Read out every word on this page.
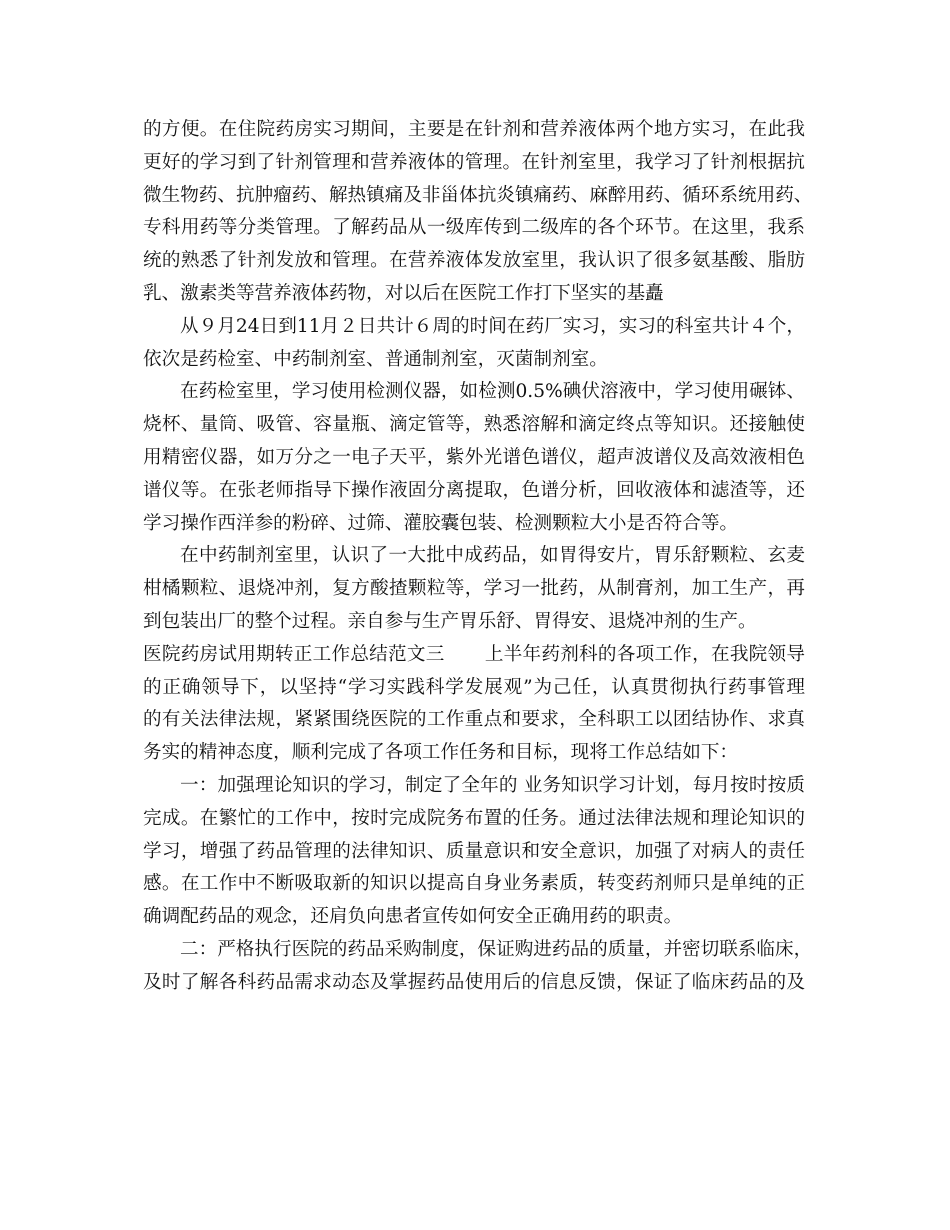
的方便。在住院药房实习期间，主要是在针剂和营养液体两个地方实习，在此我
更好的学习到了针剂管理和营养液体的管理。在针剂室里，我学习了针剂根据抗
微生物药、抗肿瘤药、解热镇痛及非甾体抗炎镇痛药、麻醉用药、循环系统用药、
专科用药等分类管理。了解药品从一级库传到二级库的各个环节。在这里，我系
统的熟悉了针剂发放和管理。在营养液体发放室里，我认识了很多氨基酸、脂肪
乳、激素类等营养液体药物，对以后在医院工作打下坚实的基矗
从９月24日到11月２日共计６周的时间在药厂实习，实习的科室共计４个，
依次是药检室、中药制剂室、普通制剂室，灭菌制剂室。
在药检室里，学习使用检测仪器，如检测0.5%碘伏溶液中，学习使用碾钵、
烧杯、量筒、吸管、容量瓶、滴定管等，熟悉溶解和滴定终点等知识。还接触使
用精密仪器，如万分之一电子天平，紫外光谱色谱仪，超声波谱仪及高效液相色
谱仪等。在张老师指导下操作液固分离提取，色谱分析，回收液体和滤渣等，还
学习操作西洋参的粉碎、过筛、灌胶囊包装、检测颗粒大小是否符合等。
在中药制剂室里，认识了一大批中成药品，如胃得安片，胃乐舒颗粒、玄麦
柑橘颗粒、退烧冲剂，复方酸揸颗粒等，学习一批药，从制膏剂，加工生产，再
到包装出厂的整个过程。亲自参与生产胃乐舒、胃得安、退烧冲剂的生产。
医院药房试用期转正工作总结范文三 上半年药剂科的各项工作，在我院领导
的正确领导下，以坚持“学习实践科学发展观”为己任，认真贯彻执行药事管理
的有关法律法规，紧紧围绕医院的工作重点和要求，全科职工以团结协作、求真
务实的精神态度，顺利完成了各项工作任务和目标，现将工作总结如下：
一：加强理论知识的学习，制定了全年的 业务知识学习计划，每月按时按质
完成。在繁忙的工作中，按时完成院务布置的任务。通过法律法规和理论知识的
学习，增强了药品管理的法律知识、质量意识和安全意识，加强了对病人的责任
感。在工作中不断吸取新的知识以提高自身业务素质，转变药剂师只是单纯的正
确调配药品的观念，还肩负向患者宣传如何安全正确用药的职责。
二：严格执行医院的药品采购制度，保证购进药品的质量，并密切联系临床，
及时了解各科药品需求动态及掌握药品使用后的信息反馈，保证了临床药品的及
